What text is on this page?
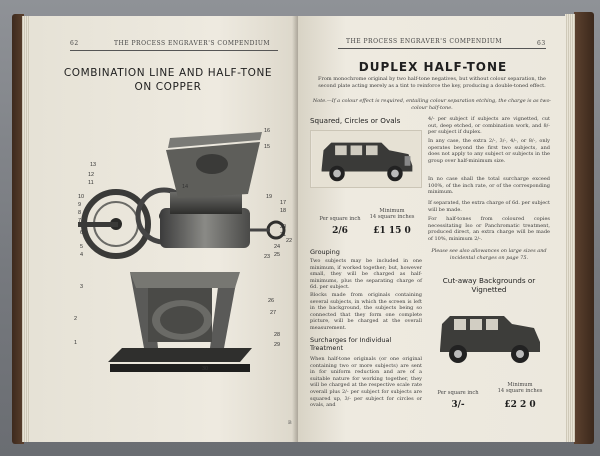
62	THE PROCESS ENGRAVER'S COMPENDIUM
COMBINATION LINE AND HALF-TONE
ON COPPER
16
15
13
12
11
10
9
8
7
6
5
4
3
2
1
17
18
19
20
21
22
23
24
25
26
27
28
29
30
14
B
THE PROCESS ENGRAVER'S COMPENDIUM	63
DUPLEX HALF-TONE
From monochrome original by two half-tone negatives, but without colour separation, the second plate acting merely as a tint to reinforce the key, producing a double-toned effect.
Note.—If a colour effect is required, entailing colour separation etching, the charge is as two-colour half-tone.
Squared, Circles or Ovals
Per square inch
Minimum
14 square inches
2/6	£1 15 0
Grouping
Two subjects may be included in one minimum, if worked together; but, however small, they will be charged as half-minimums, plus the separating charge of 6d. per subject.
Blocks made from originals containing several subjects, in which the screen is left in the background, the subjects being so connected that they form one complete picture, will be charged at the overall measurement.
Surcharges for Individual Treatment
When half-tone originals (or one original containing two or more subjects) are sent in for uniform reduction and are of a suitable nature for working together, they will be charged at the respective scale rate overall plus 2/- per subject for subjects are squared up, 3/- per subject for circles or ovals, and
4/- per subject if subjects are vignetted, cut out, deep etched, or combination work, and 8/- per subject if duplex.
In any case, the extra 2/-, 3/-, 4/-, or 8/-, only operates beyond the first two subjects, and does not apply to any subject or subjects in the group over half-minimum size.
In no case shall the total surcharge exceed 100%, of the inch rate, or of the corresponding minimum.
If separated, the extra charge of 6d. per subject will be made.
For half-tones from coloured copies necessitating Iso or Panchromatic treatment, produced direct, an extra charge will be made of 10%, minimum 2/-.
Please see also allowances on large sizes and incidental charges on page 75.
Cut-away Backgrounds or
Vignetted
Per square inch
Minimum
14 square inches
3/-	£2 2 0
